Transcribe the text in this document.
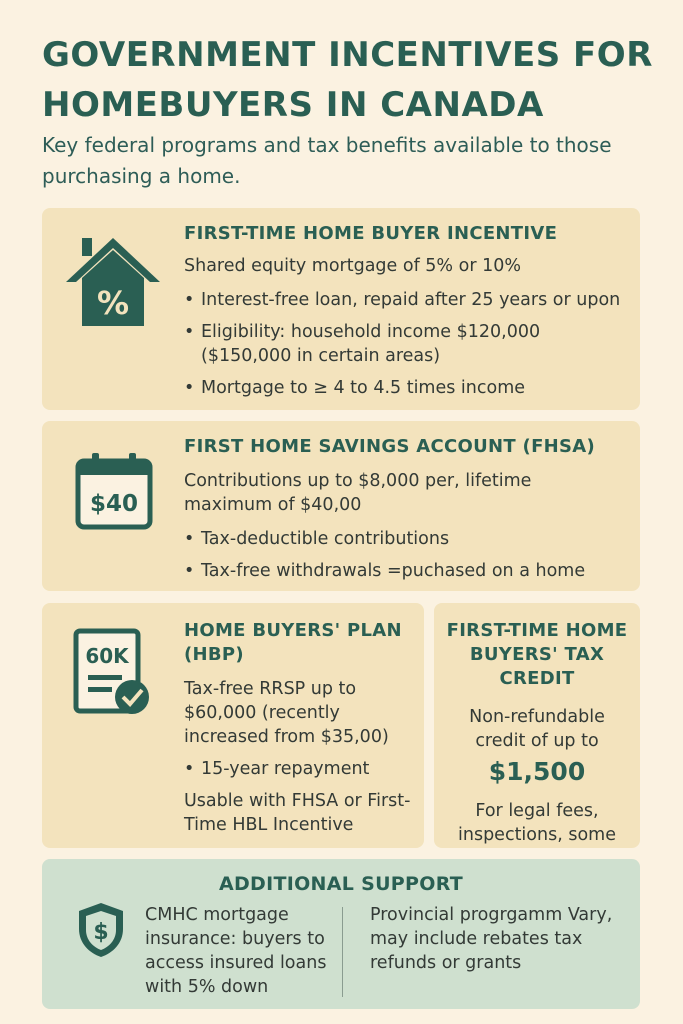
GOVERNMENT INCENTIVES FOR HOMEBUYERS IN CANADA

Key federal programs and tax benefits available to those purchasing a home.

%
FIRST-TIME HOME BUYER INCENTIVE

Shared equity mortgage of 5% or 10%

• Interest-free loan, repaid after 25 years or upon
• Eligibility: household income $120,000 ($150,000 in certain areas)
• Mortgage to ≥ 4 to 4.5 times income
$40
FIRST HOME SAVINGS ACCOUNT (FHSA)

Contributions up to $8,000 per, lifetime maximum of $40,00

• Tax-deductible contributions
• Tax-free withdrawals =puchased on a home
60K
HOME BUYERS' PLAN (HBP)

Tax-free RRSP up to $60,000 (recently increased from $35,00)

• 15-year repayment

Usable with FHSA or First-Time HBL Incentive

FIRST-TIME HOME BUYERS' TAX CREDIT

Non-refundable credit of up to

$1,500

For legal fees, inspections, some

ADDITIONAL SUPPORT
$

CMHC mortgage insurance: buyers to access insured loans with 5% down

Provincial progrgamm Vary, may include rebates tax refunds or grants
